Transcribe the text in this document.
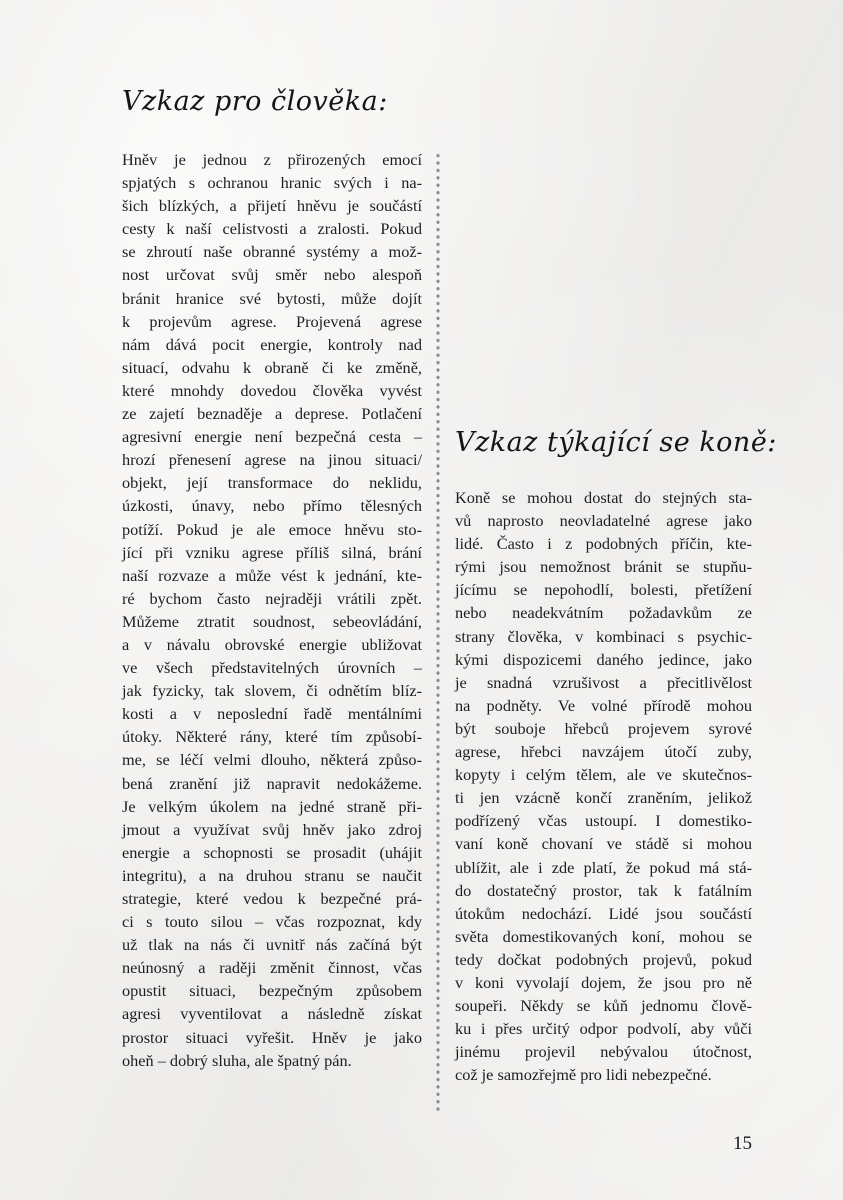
Vzkaz pro člověka:
Hněv je jednou z přirozených emocí
spjatých s ochranou hranic svých i na-
šich blízkých, a přijetí hněvu je součástí
cesty k naší celistvosti a zralosti. Pokud
se zhroutí naše obranné systémy a mož-
nost určovat svůj směr nebo alespoň
bránit hranice své bytosti, může dojít
k projevům agrese. Projevená agrese
nám dává pocit energie, kontroly nad
situací, odvahu k obraně či ke změně,
které mnohdy dovedou člověka vyvést
ze zajetí beznaděje a deprese. Potlačení
agresivní energie není bezpečná cesta –
hrozí přenesení agrese na jinou situaci/
objekt, její transformace do neklidu,
úzkosti, únavy, nebo přímo tělesných
potíží. Pokud je ale emoce hněvu sto-
jící při vzniku agrese příliš silná, brání
naší rozvaze a může vést k jednání, kte-
ré bychom často nejraději vrátili zpět.
Můžeme ztratit soudnost, sebeovládání,
a v návalu obrovské energie ubližovat
ve všech představitelných úrovních –
jak fyzicky, tak slovem, či odnětím blíz-
kosti a v neposlední řadě mentálními
útoky. Některé rány, které tím způsobí-
me, se léčí velmi dlouho, některá způso-
bená zranění již napravit nedokážeme.
Je velkým úkolem na jedné straně při-
jmout a využívat svůj hněv jako zdroj
energie a schopnosti se prosadit (uhájit
integritu), a na druhou stranu se naučit
strategie, které vedou k bezpečné prá-
ci s touto silou – včas rozpoznat, kdy
už tlak na nás či uvnitř nás začíná být
neúnosný a raději změnit činnost, včas
opustit situaci, bezpečným způsobem
agresi vyventilovat a následně získat
prostor situaci vyřešit. Hněv je jako
oheň – dobrý sluha, ale špatný pán.
Vzkaz týkající se koně:
Koně se mohou dostat do stejných sta-
vů naprosto neovladatelné agrese jako
lidé. Často i z podobných příčin, kte-
rými jsou nemožnost bránit se stupňu-
jícímu se nepohodlí, bolesti, přetížení
nebo neadekvátním požadavkům ze
strany člověka, v kombinaci s psychic-
kými dispozicemi daného jedince, jako
je snadná vzrušivost a přecitlivělost
na podněty. Ve volné přírodě mohou
být souboje hřebců projevem syrové
agrese, hřebci navzájem útočí zuby,
kopyty i celým tělem, ale ve skutečnos-
ti jen vzácně končí zraněním, jelikož
podřízený včas ustoupí. I domestiko-
vaní koně chovaní ve stádě si mohou
ublížit, ale i zde platí, že pokud má stá-
do dostatečný prostor, tak k fatálním
útokům nedochází. Lidé jsou součástí
světa domestikovaných koní, mohou se
tedy dočkat podobných projevů, pokud
v koni vyvolají dojem, že jsou pro ně
soupeři. Někdy se kůň jednomu člově-
ku i přes určitý odpor podvolí, aby vůči
jinému projevil nebývalou útočnost,
což je samozřejmě pro lidi nebezpečné.
15
